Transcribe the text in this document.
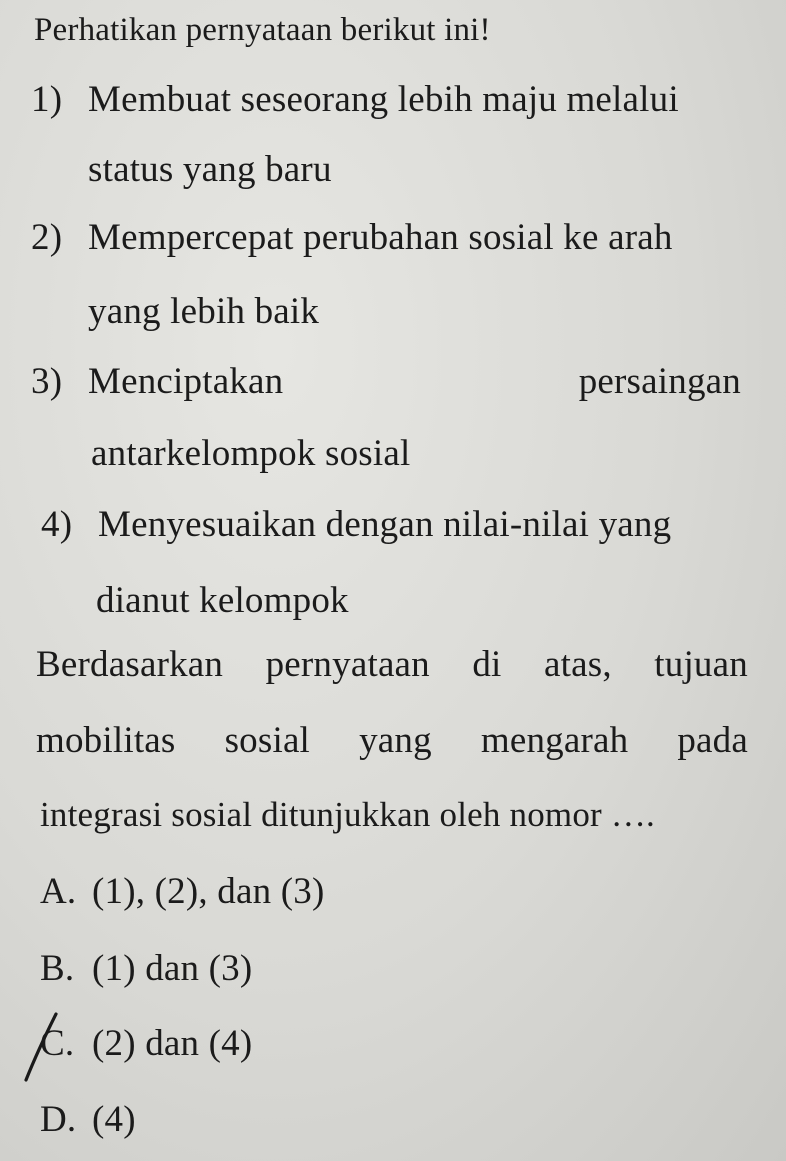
Perhatikan pernyataan berikut ini!
1) Membuat seseorang lebih maju melalui
status yang baru
2) Mempercepat perubahan sosial ke arah
yang lebih baik
3) Menciptakan	persaingan
antarkelompok sosial
4) Menyesuaikan dengan nilai-nilai yang
dianut kelompok
Berdasarkan pernyataan di atas, tujuan
mobilitas sosial yang mengarah pada
integrasi sosial ditunjukkan oleh nomor ….
A. (1), (2), dan (3)
B. (1) dan (3)
C. (2) dan (4)
D. (4)
